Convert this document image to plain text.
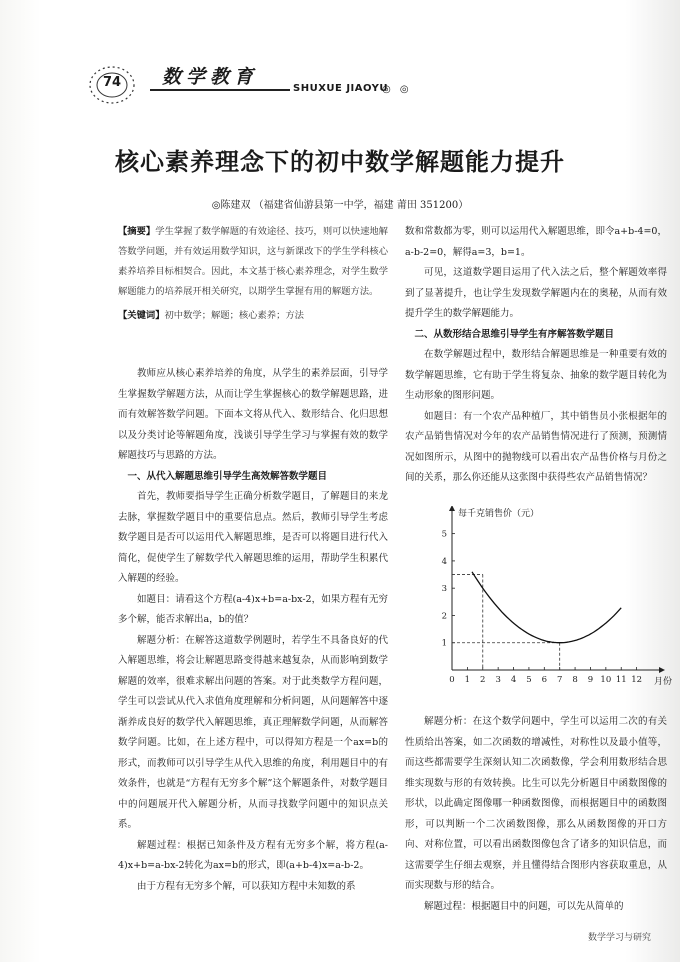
74	数学教育
SHUXUE JIAOYU
◎ ◎
核心素养理念下的初中数学解题能力提升
◎陈建双 （福建省仙游县第一中学，福建 莆田 351200）

【摘要】学生掌握了数学解题的有效途径、技巧，则可以快速地解答数学问题，并有效运用数学知识，这与新课改下的学生学科核心素养培养目标相契合。因此，本文基于核心素养理念，对学生数学解题能力的培养展开相关研究，以期学生掌握有用的解题方法。

【关键词】初中数学；解题；核心素养；方法

教师应从核心素养培养的角度，从学生的素养层面，引导学生掌握数学解题方法，从而让学生掌握核心的数学解题思路，进而有效解答数学问题。下面本文将从代入、数形结合、化归思想以及分类讨论等解题角度，浅谈引导学生学习与掌握有效的数学解题技巧与思路的方法。

一、从代入解题思维引导学生高效解答数学题目

首先，教师要指导学生正确分析数学题目，了解题目的来龙去脉，掌握数学题目中的重要信息点。然后，教师引导学生考虑数学题目是否可以运用代入解题思维，是否可以将题目进行代入简化，促使学生了解数学代入解题思维的运用，帮助学生积累代入解题的经验。

如题目：请看这个方程(a-4)x+b=a-bx-2，如果方程有无穷多个解，能否求解出a，b的值？

解题分析：在解答这道数学例题时，若学生不具备良好的代入解题思维，将会让解题思路变得越来越复杂，从而影响到数学解题的效率，很难求解出问题的答案。对于此类数学方程问题，学生可以尝试从代入求值角度理解和分析问题，从问题解答中逐渐养成良好的数学代入解题思维，真正理解数学问题，从而解答数学问题。比如，在上述方程中，可以得知方程是一个ax=b的形式，而教师可以引导学生从代入思维的角度，利用题目中的有效条件，也就是“方程有无穷多个解”这个解题条件，对数学题目中的问题展开代入解题分析，从而寻找数学问题中的知识点关系。

解题过程：根据已知条件及方程有无穷多个解，将方程(a-4)x+b=a-bx-2转化为ax=b的形式，即(a+b-4)x=a-b-2。

由于方程有无穷多个解，可以获知方程中未知数的系

数和常数都为零，则可以运用代入解题思维，即令a+b-4=0，a-b-2=0，解得a=3，b=1。

可见，这道数学题目运用了代入法之后，整个解题效率得到了显著提升，也让学生发现数学解题内在的奥秘，从而有效提升学生的数学解题能力。

二、从数形结合思维引导学生有序解答数学题目

在数学解题过程中，数形结合解题思维是一种重要有效的数学解题思维，它有助于学生将复杂、抽象的数学题目转化为生动形象的图形问题。

如题目：有一个农产品种植厂，其中销售员小张根据年的农产品销售情况对今年的农产品销售情况进行了预测，预测情况如图所示，从图中的抛物线可以看出农产品售价格与月份之间的关系，那么你还能从这张图中获得些农产品销售情况？

每千克销售价（元）
月份
0 1 2 3 4 5 6 7 8 9 10 11 12
1
2
3
4
5

解题分析：在这个数学问题中，学生可以运用二次的有关性质给出答案，如二次函数的增减性，对称性以及最小值等，而这些都需要学生深刻认知二次函数像，学会利用数形结合思维实现数与形的有效转换。比生可以先分析题目中函数图像的形状，以此确定图像哪一种函数图像，而根据题目中的函数图形，可以判断一个二次函数图像，那么从函数图像的开口方向、对称位置，可以看出函数图像包含了诸多的知识信息，而这需要学生仔细去观察，并且懂得结合图形内容获取重息，从而实现数与形的结合。

解题过程：根据题目中的问题，可以先从简单的

数学学习与研究
